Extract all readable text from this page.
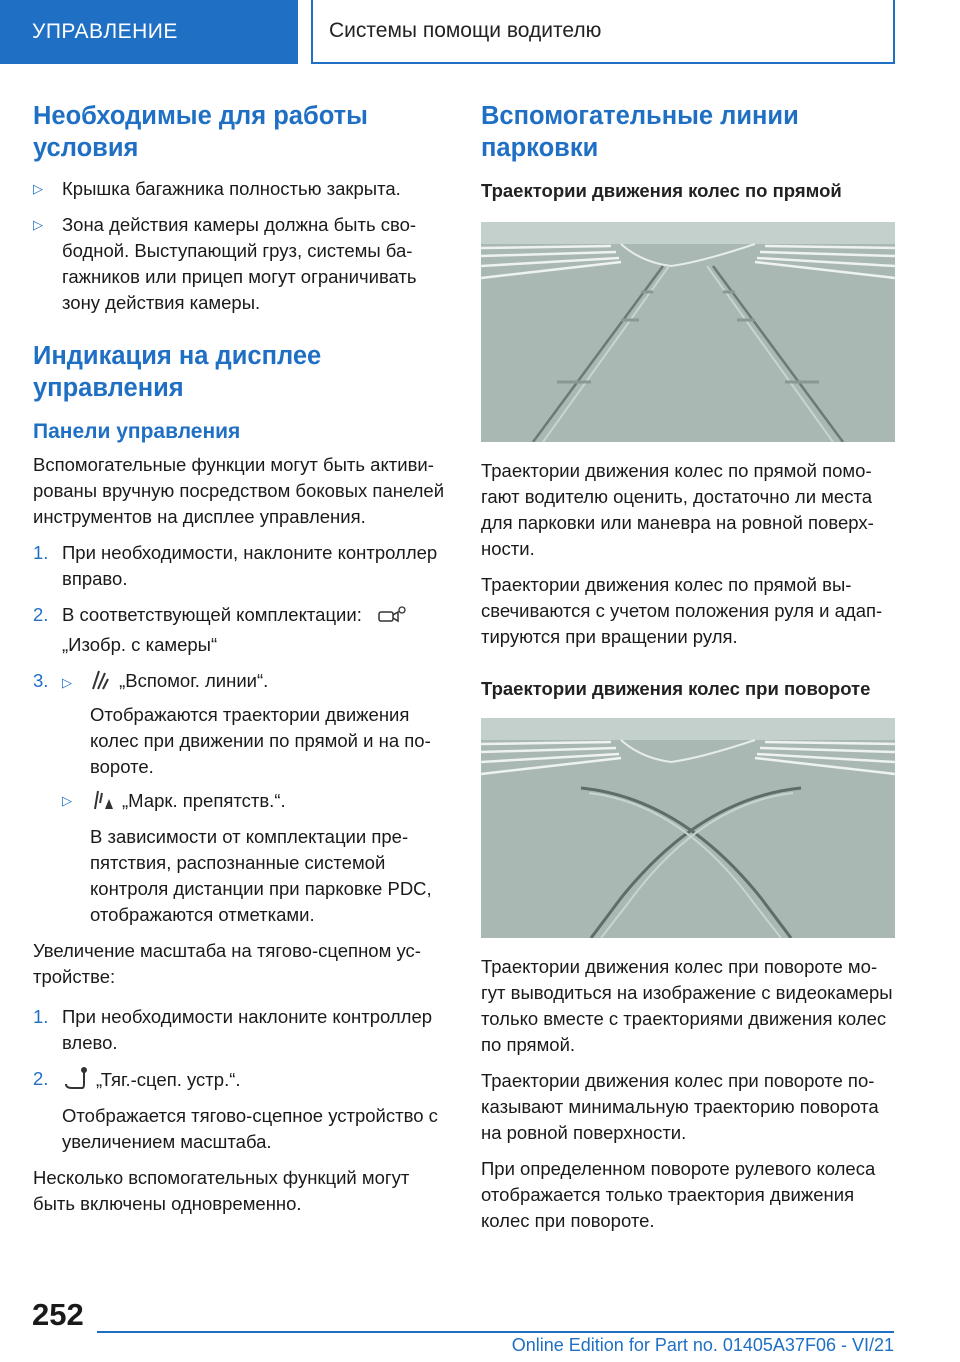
УПРАВЛЕНИЕ	Системы помощи водителю
Необходимые для работы условия
▷ Крышка багажника полностью закрыта.
▷ Зона действия камеры должна быть свободной. Выступающий груз, системы багажников или прицеп могут ограничивать зону действия камеры.
Индикация на дисплее управления
Панели управления

Вспомогательные функции могут быть активированы вручную посредством боковых панелей инструментов на дисплее управления.

1. При необходимости, наклоните контроллер вправо.
2. В соответствующей комплектации:
„Изобр. с камеры“
3. ▷	„Вспомог. линии“.
Отображаются траектории движения колес при движении по прямой и на повороте.
▷	„Марк. препятств.“.
В зависимости от комплектации препятствия, распознанные системой контроля дистанции при парковке PDC, отображаются отметками.

Увеличение масштаба на тягово-сцепном устройстве:

1. При необходимости наклоните контроллер влево.
2.	„Тяг.-сцеп. устр.“.
Отображается тягово-сцепное устройство с увеличением масштаба.

Несколько вспомогательных функций могут быть включены одновременно.

Вспомогательные линии парковки
Траектории движения колес по прямой

Траектории движения колес по прямой помогают водителю оценить, достаточно ли места для парковки или маневра на ровной поверхности.

Траектории движения колес по прямой высвечиваются с учетом положения руля и адаптируются при вращении руля.

Траектории движения колес при повороте

Траектории движения колес при повороте могут выводиться на изображение с видеокамеры только вместе с траекториями движения колес по прямой.

Траектории движения колес при повороте показывают минимальную траекторию поворота на ровной поверхности.

При определенном повороте рулевого колеса отображается только траектория движения колес при повороте.

252
Online Edition for Part no. 01405A37F06 - VI/21
